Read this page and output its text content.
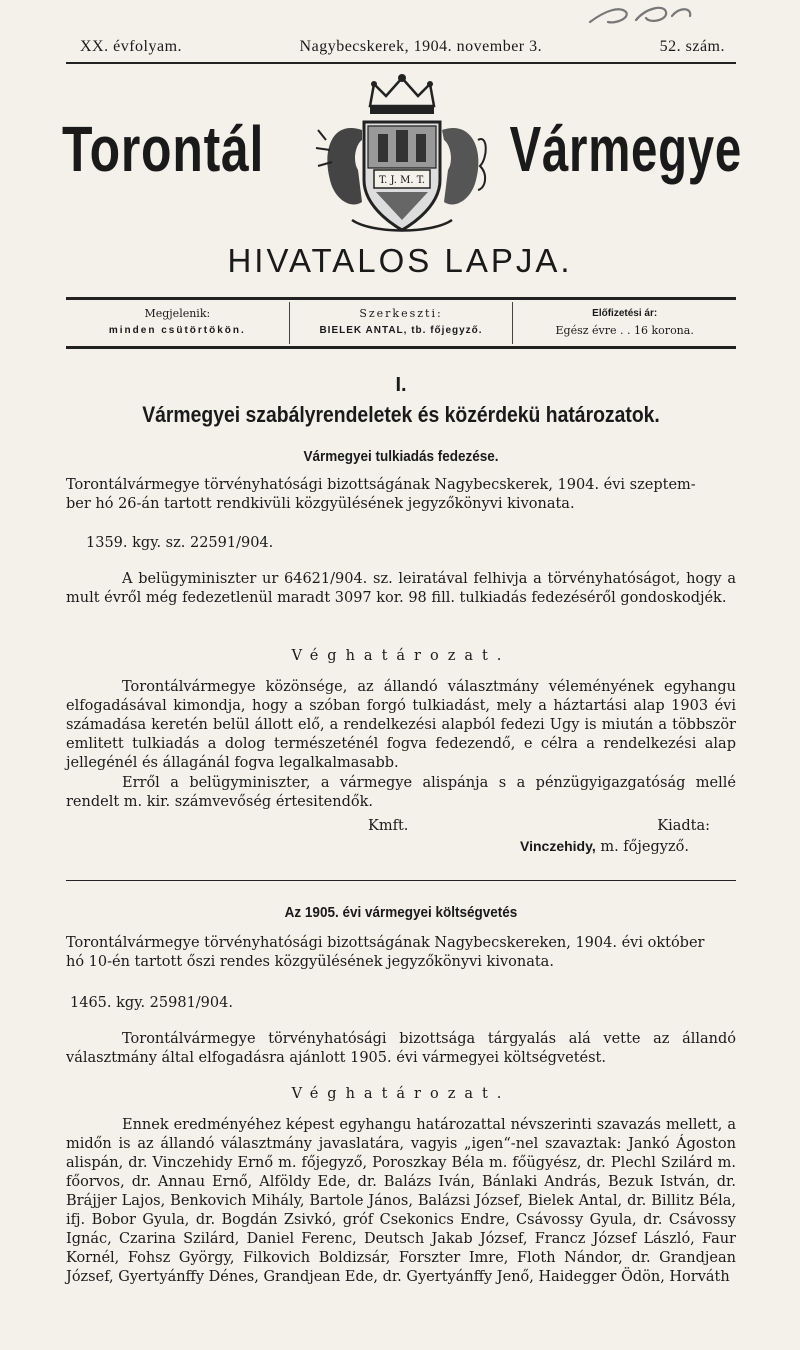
XX. évfolyam.	Nagybecskerek, 1904. november 3.	52. szám.
Torontál	T. J. M. T. Vármegye
HIVATALOS LAPJA.
Megjelenik:
minden csütörtökön.
Szerkeszti:
BIELEK ANTAL, tb. főjegyző.
Előfizetési ár:
Egész évre . . 16 korona.
I.
Vármegyei szabályrendeletek és közérdekü határozatok.
Vármegyei tulkiadás fedezése.
Torontálvármegye törvényhatósági bizottságának Nagybecskerek, 1904. évi szeptem-
ber hó 26-án tartott rendkivüli közgyülésének jegyzőkönyvi kivonata.
1359. kgy. sz. 22591/904.
A belügyminiszter ur 64621/904. sz. leiratával felhivja a törvényhatóságot, hogy a mult évről még fedezetlenül maradt 3097 kor. 98 fill. tulkiadás fedezéséről gondoskodjék.
Véghatározat.
Torontálvármegye közönsége, az állandó választmány véleményének egyhangu elfogadásával kimondja, hogy a szóban forgó tulkiadást, mely a háztartási alap 1903 évi számadása keretén belül állott elő, a rendelkezési alapból fedezi Ugy is miután a többször emlitett tulkiadás a dolog természeténél fogva fedezendő, e célra a rendelkezési alap jellegénél és állagánál fogva legalkalmasabb.
Erről a belügyminiszter, a vármegye alispánja s a pénzügyigazgatóság mellé rendelt m. kir. számvevőség értesitendők.
Kmft.	Kiadta:
Vinczehidy, m. főjegyző.
Az 1905. évi vármegyei költségvetés
Torontálvármegye törvényhatósági bizottságának Nagybecskereken, 1904. évi október
hó 10-én tartott őszi rendes közgyülésének jegyzőkönyvi kivonata.
1465. kgy. 25981/904.
Torontálvármegye törvényhatósági bizottsága tárgyalás alá vette az állandó választmány által elfogadásra ajánlott 1905. évi vármegyei költségvetést.
Véghatározat.
Ennek eredményéhez képest egyhangu határozattal névszerinti szavazás mellett, a midőn is az állandó választmány javaslatára, vagyis „igen“-nel szavaztak: Jankó Ágoston alispán, dr. Vinczehidy Ernő m. főjegyző, Poroszkay Béla m. főügyész, dr. Plechl Szilárd m. főorvos, dr. Annau Ernő, Alföldy Ede, dr. Balázs Iván, Bánlaki András, Bezuk István, dr. Brájjer Lajos, Benkovich Mihály, Bartole János, Balázsi József, Bielek Antal, dr. Billitz Béla, ifj. Bobor Gyula, dr. Bogdán Zsivkó, gróf Csekonics Endre, Csávossy Gyula, dr. Csávossy Ignác, Czarina Szilárd, Daniel Ferenc, Deutsch Jakab József, Francz József László, Faur Kornél, Fohsz György, Filkovich Boldizsár, Forszter Imre, Floth Nándor, dr. Grandjean József, Gyertyánffy Dénes, Grandjean Ede, dr. Gyertyánffy Jenő, Haidegger Ödön, Horváth
